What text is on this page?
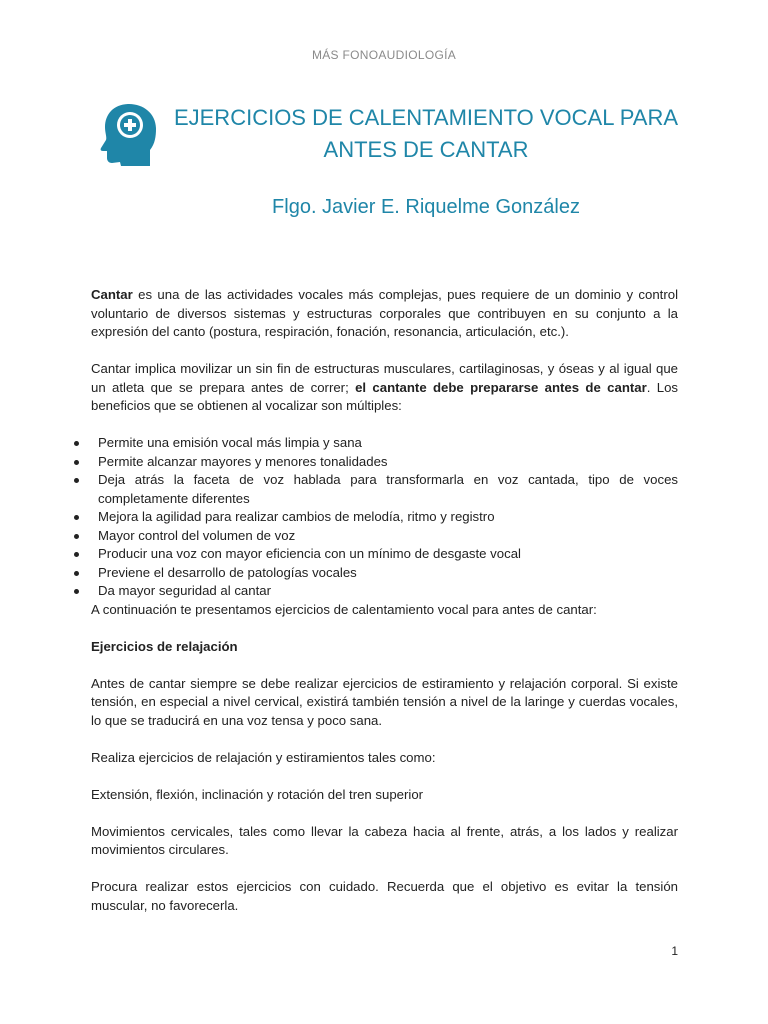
MÁS FONOAUDIOLOGÍA
EJERCICIOS DE CALENTAMIENTO VOCAL PARA
ANTES DE CANTAR
Flgo. Javier E. Riquelme González

Cantar es una de las actividades vocales más complejas, pues requiere de un dominio y control voluntario de diversos sistemas y estructuras corporales que contribuyen en su conjunto a la expresión del canto (postura, respiración, fonación, resonancia, articulación, etc.).

Cantar implica movilizar un sin fin de estructuras musculares, cartilaginosas, y óseas y al igual que un atleta que se prepara antes de correr; el cantante debe prepararse antes de cantar. Los beneficios que se obtienen al vocalizar son múltiples:

Permite una emisión vocal más limpia y sana
Permite alcanzar mayores y menores tonalidades
Deja atrás la faceta de voz hablada para transformarla en voz cantada, tipo de voces completamente diferentes
Mejora la agilidad para realizar cambios de melodía, ritmo y registro
Mayor control del volumen de voz
Producir una voz con mayor eficiencia con un mínimo de desgaste vocal
Previene el desarrollo de patologías vocales
Da mayor seguridad al cantar

A continuación te presentamos ejercicios de calentamiento vocal para antes de cantar:

Ejercicios de relajación

Antes de cantar siempre se debe realizar ejercicios de estiramiento y relajación corporal. Si existe tensión, en especial a nivel cervical, existirá también tensión a nivel de la laringe y cuerdas vocales, lo que se traducirá en una voz tensa y poco sana.

Realiza ejercicios de relajación y estiramientos tales como:

Extensión, flexión, inclinación y rotación del tren superior

Movimientos cervicales, tales como llevar la cabeza hacia al frente, atrás, a los lados y realizar movimientos circulares.

Procura realizar estos ejercicios con cuidado. Recuerda que el objetivo es evitar la tensión muscular, no favorecerla.

1
